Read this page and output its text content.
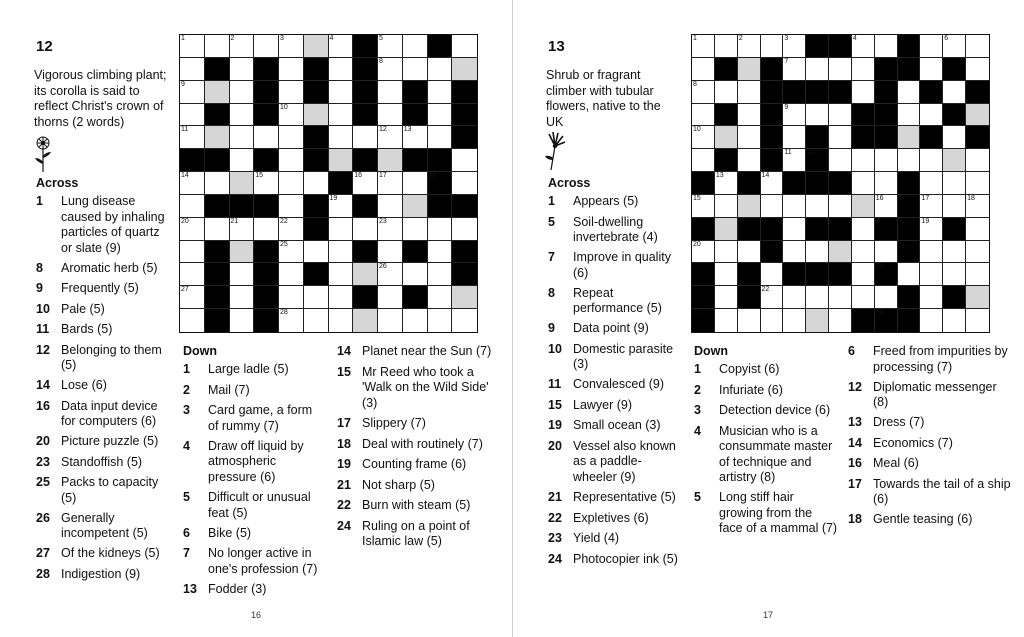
12
Vigorous climbing plant; its corolla is said to reflect Christ's crown of thorns (2 words)
Across
1	2	3	4	5	6
8
9
10
11	12 13
14	15	16 17	18
19
20	21	22	23
25
26
27
28
Down
16
1 Lung disease caused by inhaling particles of quartz or slate (9)
8 Aromatic herb (5)
9 Frequently (5)
10 Pale (5)
11 Bards (5)
12 Belonging to them (5)
14 Lose (6)
16 Data input device for computers (6)
20 Picture puzzle (5)
23 Standoffish (5)
25 Packs to capacity (5)
26 Generally incompetent (5)
27 Of the kidneys (5)
28 Indigestion (9)
1 Large ladle (5)
2 Mail (7)
3 Card game, a form of rummy (7)
4 Draw off liquid by atmospheric pressure (6)
5 Difficult or unusual feat (5)
6 Bike (5)
7 No longer active in one's profession (7)
13 Fodder (3)
14 Planet near the Sun (7)
15 Mr Reed who took a 'Walk on the Wild Side' (3)
17 Slippery (7)
18 Deal with routinely (7)
19 Counting frame (6)
21 Not sharp (5)
22 Burn with steam (5)
24 Ruling on a point of Islamic law (5)
13
Shrub or fragrant climber with tubular flowers, native to the UK
Across
1	2	3	4	5	6
7
8
9
10
11 12
13	14
15	16	17	18
19
20
21
22
23	24
Down
17
1 Appears (5)
5 Soil-dwelling invertebrate (4)
7 Improve in quality (6)
8 Repeat performance (5)
9 Data point (9)
10 Domestic parasite (3)
11 Convalesced (9)
15 Lawyer (9)
19 Small ocean (3)
20 Vessel also known as a paddle-wheeler (9)
21 Representative (5)
22 Expletives (6)
23 Yield (4)
24 Photocopier ink (5)
1 Copyist (6)
2 Infuriate (6)
3 Detection device (6)
4 Musician who is a consummate master of technique and artistry (8)
5 Long stiff hair growing from the face of a mammal (7)
6 Freed from impurities by processing (7)
12 Diplomatic messenger (8)
13 Dress (7)
14 Economics (7)
16 Meal (6)
17 Towards the tail of a ship (6)
18 Gentle teasing (6)
